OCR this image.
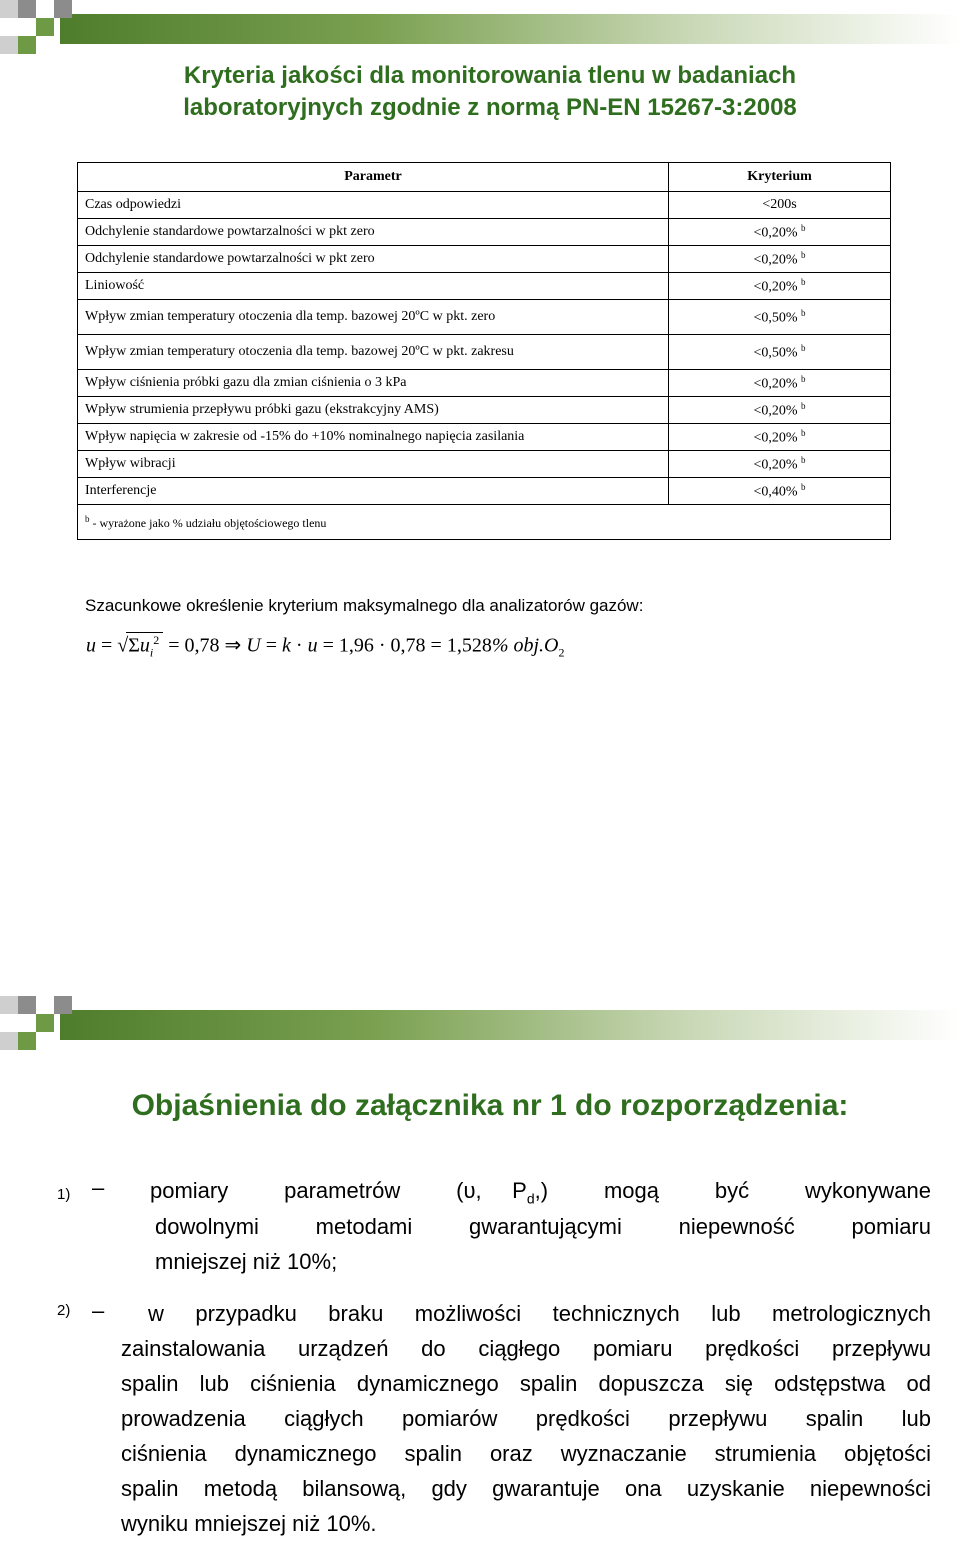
Kryteria jakości dla monitorowania tlenu w badaniach
laboratoryjnych zgodnie z normą PN-EN 15267-3:2008
Parametr	Kryterium
Czas odpowiedzi	<200s
Odchylenie standardowe powtarzalności w pkt zero	<0,20% $^b$
Odchylenie standardowe powtarzalności w pkt zero	<0,20% $^b$
Liniowość	<0,20% $^b$
Wpływ zmian temperatury otoczenia dla temp. bazowej 20ºC w pkt. zero	<0,50% $^b$
Wpływ zmian temperatury otoczenia dla temp. bazowej 20ºC w pkt. zakresu	<0,50% $^b$
Wpływ ciśnienia próbki gazu dla zmian ciśnienia o 3 kPa	<0,20% $^b$
Wpływ strumienia przepływu próbki gazu (ekstrakcyjny AMS)	<0,20% $^b$
Wpływ napięcia w zakresie od -15% do +10% nominalnego napięcia zasilania	<0,20% $^b$
Wpływ wibracji	<0,20% $^b$
Interferencje	<0,40% $^b$
$^b$ - wyrażone jako % udziału objętościowego tlenu	
Szacunkowe określenie kryterium maksymalnego dla analizatorów gazów:
$u = √\Sigma u_i^2 = 0,78$ ⇒ U = k · u = 1,96 · 0,78 = 1,528% $obj.O_2$
Objaśnienia do załącznika nr 1 do rozporządzenia:
1) – pomiary	parametrów	(υ, $P_d$,)	mogą	być	wykonywane
dowolnymi metodami gwarantującymi niepewność pomiaru
mniejszej niż 10%;
2) – w przypadku braku możliwości technicznych lub metrologicznych
zainstalowania urządzeń do ciągłego pomiaru prędkości przepływu
spalin lub ciśnienia dynamicznego spalin dopuszcza się odstępstwa od
prowadzenia ciągłych pomiarów prędkości przepływu spalin lub
ciśnienia dynamicznego spalin oraz wyznaczanie strumienia objętości
spalin metodą bilansową, gdy gwarantuje ona uzyskanie niepewności
wyniku mniejszej niż 10%.
